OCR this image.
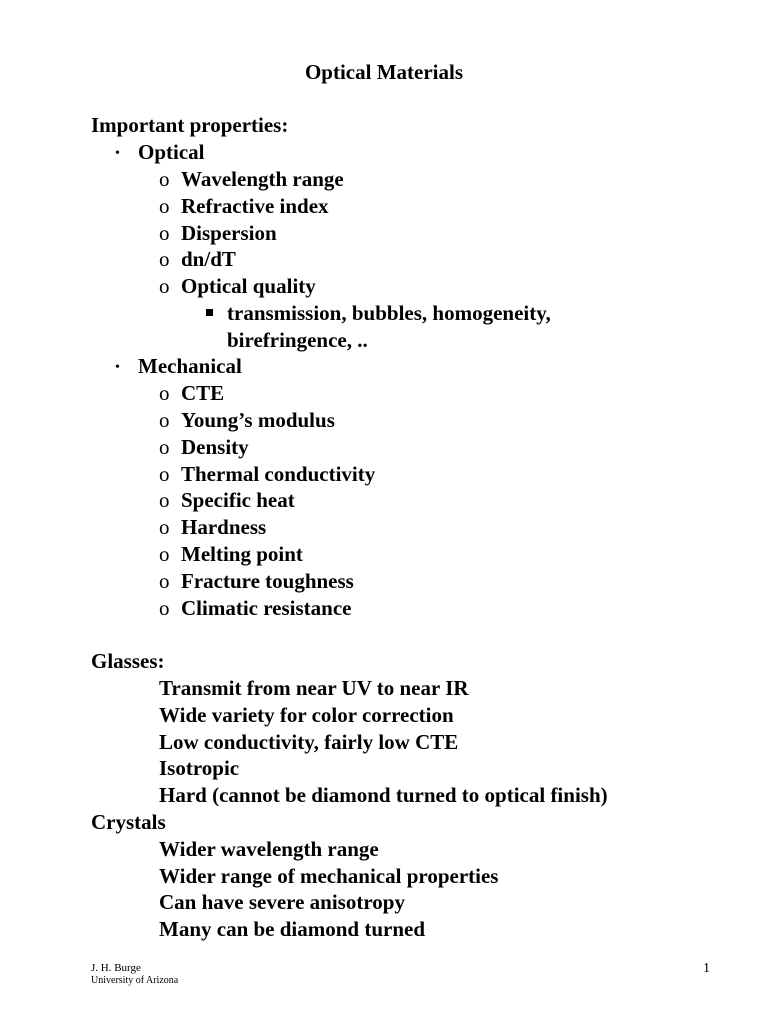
Optical Materials
Important properties:
• Optical
o Wavelength range
o Refractive index
o Dispersion
o dn/dT
o Optical quality
transmission, bubbles, homogeneity,
birefringence, ..
• Mechanical
o CTE
o Young’s modulus
o Density
o Thermal conductivity
o Specific heat
o Hardness
o Melting point
o Fracture toughness
o Climatic resistance
Glasses:
Transmit from near UV to near IR
Wide variety for color correction
Low conductivity, fairly low CTE
Isotropic
Hard (cannot be diamond turned to optical finish)
Crystals
Wider wavelength range
Wider range of mechanical properties
Can have severe anisotropy
Many can be diamond turned
J. H. Burge
University of Arizona
1
